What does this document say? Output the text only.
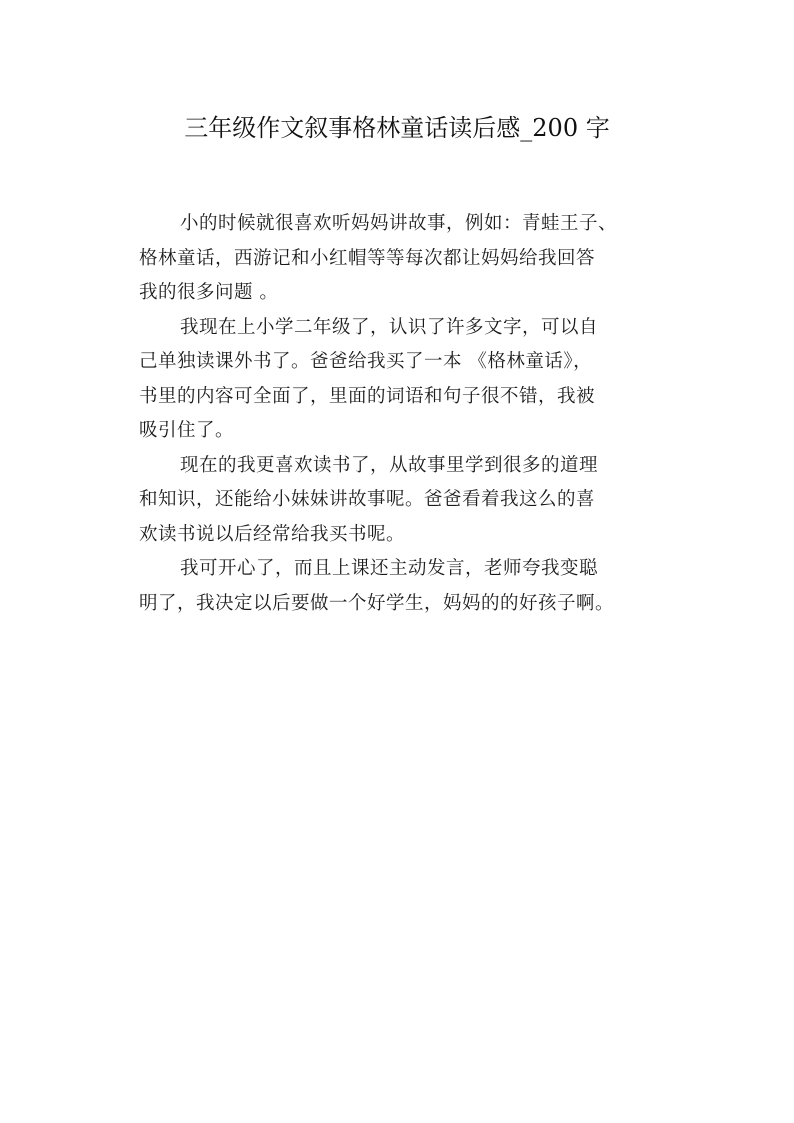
三年级作文叙事格林童话读后感_200 字
小的时候就很喜欢听妈妈讲故事，例如：青蛙王子、
格林童话，西游记和小红帽等等每次都让妈妈给我回答
我的很多问题 。
我现在上小学二年级了，认识了许多文字，可以自
己单独读课外书了。爸爸给我买了一本 《格林童话》，
书里的内容可全面了，里面的词语和句子很不错，我被
吸引住了。
现在的我更喜欢读书了，从故事里学到很多的道理
和知识，还能给小妹妹讲故事呢。爸爸看着我这么的喜
欢读书说以后经常给我买书呢。
我可开心了，而且上课还主动发言，老师夸我变聪
明了，我决定以后要做一个好学生，妈妈的的好孩子啊。
